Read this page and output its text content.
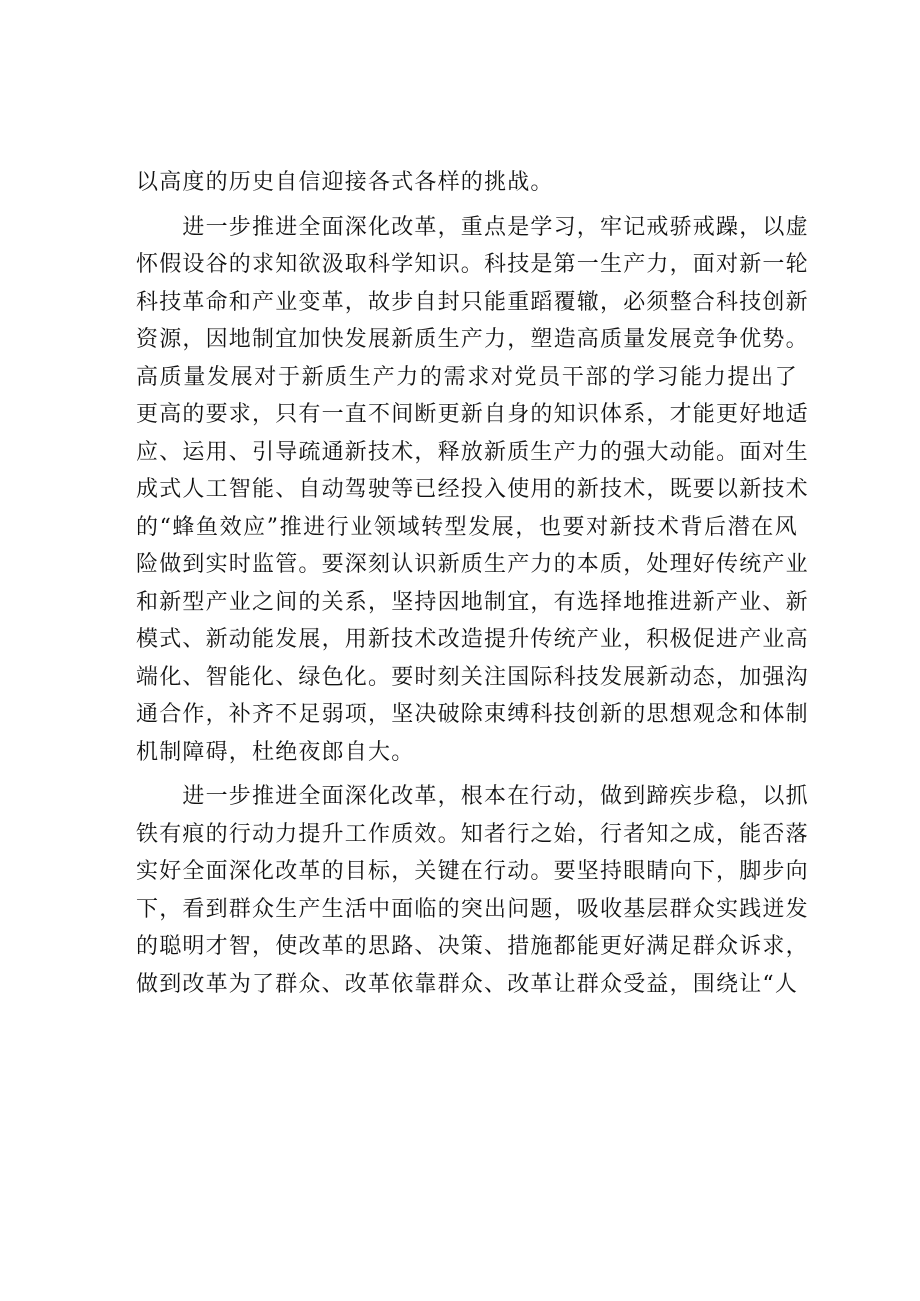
以高度的历史自信迎接各式各样的挑战。

　　进一步推进全面深化改革，重点是学习，牢记戒骄戒躁，以虚
怀假设谷的求知欲汲取科学知识。科技是第一生产力，面对新一轮
科技革命和产业变革，故步自封只能重蹈覆辙，必须整合科技创新
资源，因地制宜加快发展新质生产力，塑造高质量发展竞争优势。
高质量发展对于新质生产力的需求对党员干部的学习能力提出了
更高的要求，只有一直不间断更新自身的知识体系，才能更好地适
应、运用、引导疏通新技术，释放新质生产力的强大动能。面对生
成式人工智能、自动驾驶等已经投入使用的新技术，既要以新技术
的“蜂鱼效应”推进行业领域转型发展，也要对新技术背后潜在风
险做到实时监管。要深刻认识新质生产力的本质，处理好传统产业
和新型产业之间的关系，坚持因地制宜，有选择地推进新产业、新
模式、新动能发展，用新技术改造提升传统产业，积极促进产业高
端化、智能化、绿色化。要时刻关注国际科技发展新动态，加强沟
通合作，补齐不足弱项，坚决破除束缚科技创新的思想观念和体制
机制障碍，杜绝夜郎自大。

　　进一步推进全面深化改革，根本在行动，做到蹄疾步稳，以抓
铁有痕的行动力提升工作质效。知者行之始，行者知之成，能否落
实好全面深化改革的目标，关键在行动。要坚持眼睛向下，脚步向
下，看到群众生产生活中面临的突出问题，吸收基层群众实践迸发
的聪明才智，使改革的思路、决策、措施都能更好满足群众诉求，
做到改革为了群众、改革依靠群众、改革让群众受益，围绕让“人
